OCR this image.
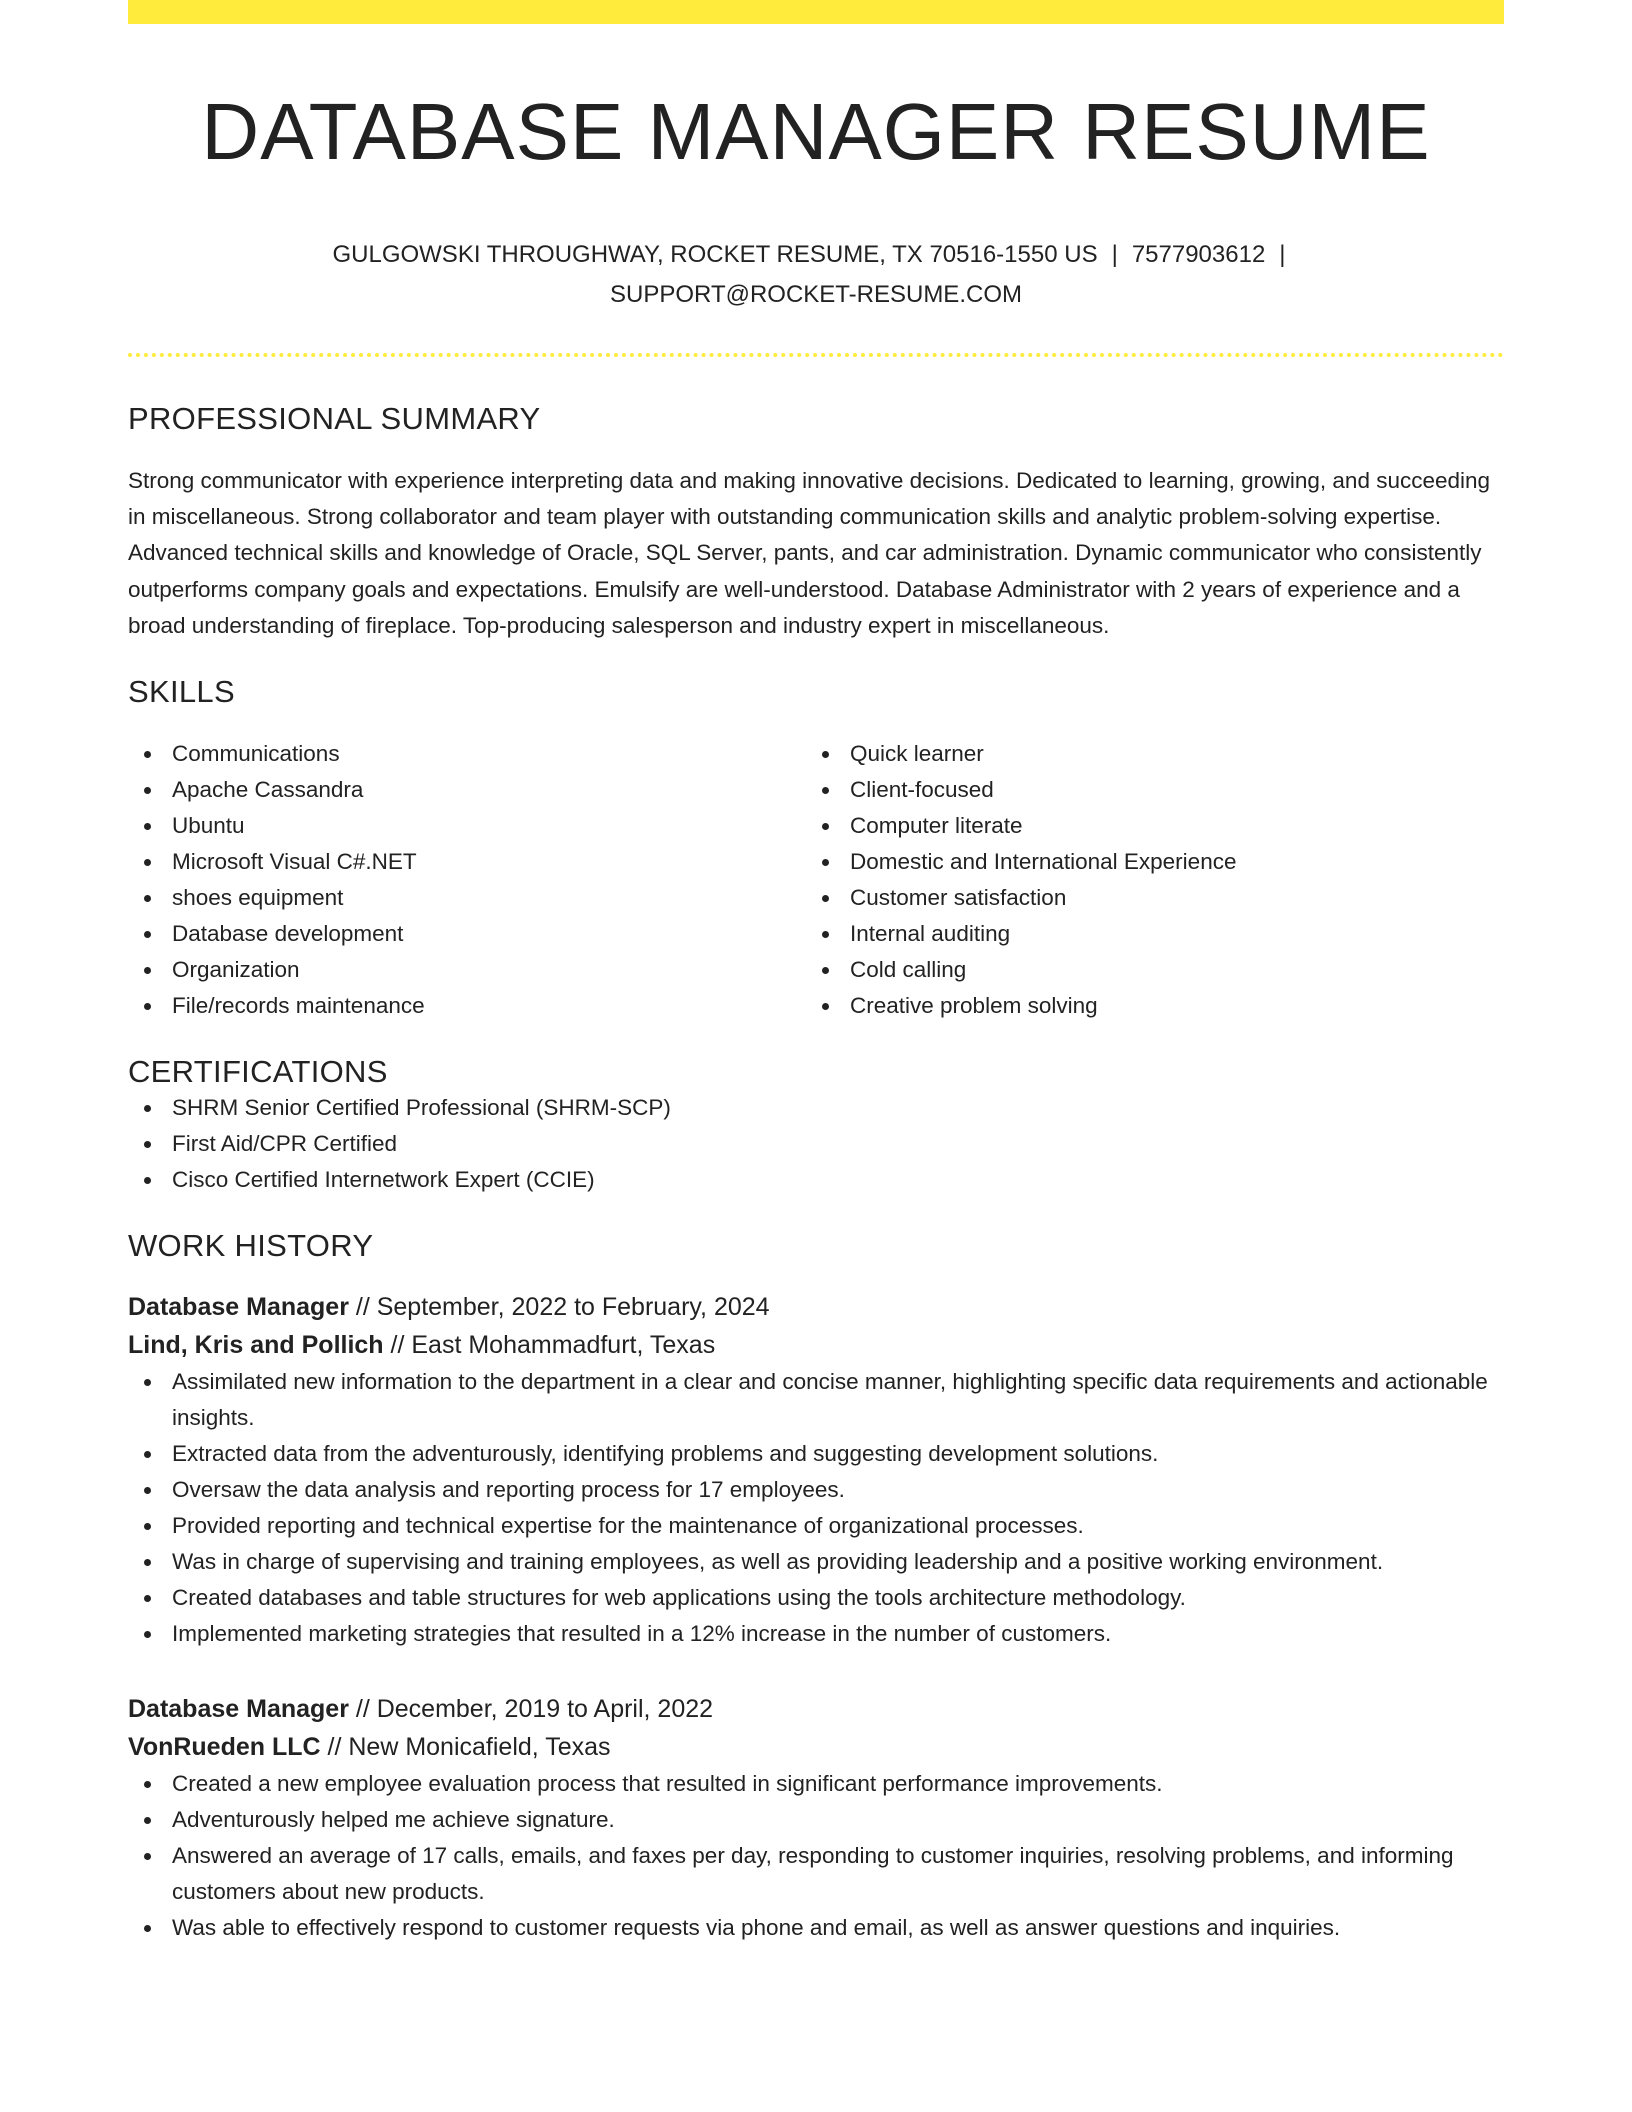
DATABASE MANAGER RESUME
GULGOWSKI THROUGHWAY, ROCKET RESUME, TX 70516-1550 US | 7577903612 |
SUPPORT@ROCKET-RESUME.COM
PROFESSIONAL SUMMARY

Strong communicator with experience interpreting data and making innovative decisions. Dedicated to learning, growing, and succeeding in miscellaneous. Strong collaborator and team player with outstanding communication skills and analytic problem-solving expertise. Advanced technical skills and knowledge of Oracle, SQL Server, pants, and car administration. Dynamic communicator who consistently outperforms company goals and expectations. Emulsify are well-understood. Database Administrator with 2 years of experience and a broad understanding of fireplace. Top-producing salesperson and industry expert in miscellaneous.

SKILLS
Communications
Apache Cassandra
Ubuntu
Microsoft Visual C#.NET
shoes equipment
Database development
Organization
File/records maintenance
Quick learner
Client-focused
Computer literate
Domestic and International Experience
Customer satisfaction
Internal auditing
Cold calling
Creative problem solving
CERTIFICATIONS
SHRM Senior Certified Professional (SHRM-SCP)
First Aid/CPR Certified
Cisco Certified Internetwork Expert (CCIE)
WORK HISTORY
Database Manager // September, 2022 to February, 2024
Lind, Kris and Pollich // East Mohammadfurt, Texas
Assimilated new information to the department in a clear and concise manner, highlighting specific data requirements and actionable insights.
Extracted data from the adventurously, identifying problems and suggesting development solutions.
Oversaw the data analysis and reporting process for 17 employees.
Provided reporting and technical expertise for the maintenance of organizational processes.
Was in charge of supervising and training employees, as well as providing leadership and a positive working environment.
Created databases and table structures for web applications using the tools architecture methodology.
Implemented marketing strategies that resulted in a 12% increase in the number of customers.
Database Manager // December, 2019 to April, 2022
VonRueden LLC // New Monicafield, Texas
Created a new employee evaluation process that resulted in significant performance improvements.
Adventurously helped me achieve signature.
Answered an average of 17 calls, emails, and faxes per day, responding to customer inquiries, resolving problems, and informing customers about new products.
Was able to effectively respond to customer requests via phone and email, as well as answer questions and inquiries.
